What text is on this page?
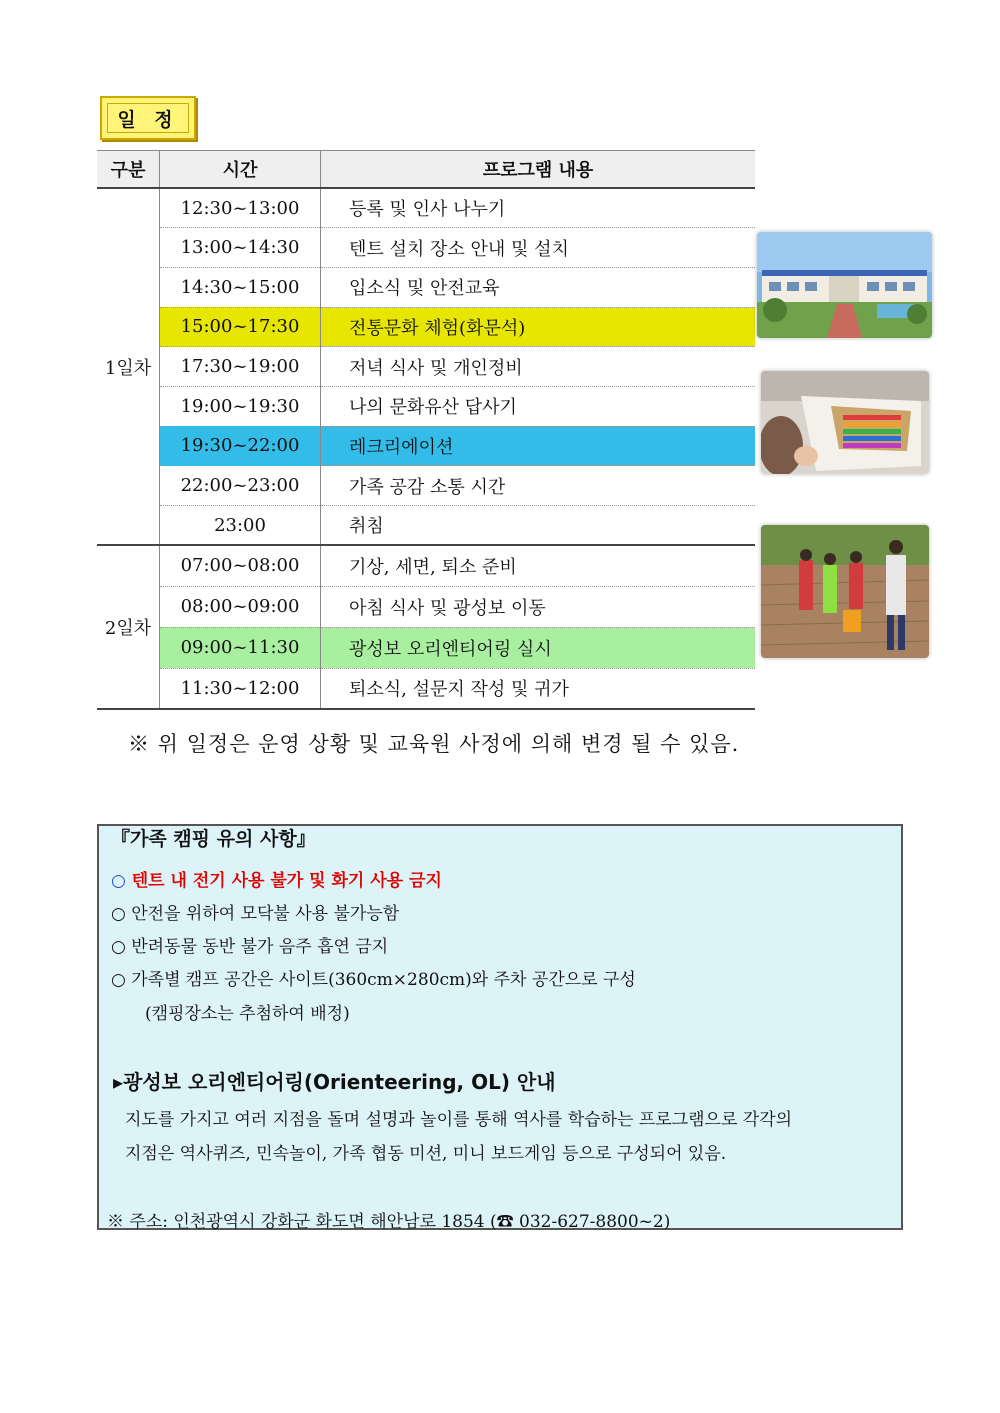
일 정
구분	시간	프로그램 내용
1일차	12:30~13:00	등록 및 인사 나누기
	13:00~14:30	텐트 설치 장소 안내 및 설치
	14:30~15:00	입소식 및 안전교육
	15:00~17:30	전통문화 체험(화문석)
	17:30~19:00	저녁 식사 및 개인정비
	19:00~19:30	나의 문화유산 답사기
	19:30~22:00	레크리에이션
	22:00~23:00	가족 공감 소통 시간
	23:00	취침
2일차	07:00~08:00	기상, 세면, 퇴소 준비
	08:00~09:00	아침 식사 및 광성보 이동
	09:00~11:30	광성보 오리엔티어링 실시
	11:30~12:00	퇴소식, 설문지 작성 및 귀가
※ 위 일정은 운영 상황 및 교육원 사정에 의해 변경 될 수 있음.
『가족 캠핑 유의 사항』
○ 텐트 내 전기 사용 불가 및 화기 사용 금지
○ 안전을 위하여 모닥불 사용 불가능함
○ 반려동물 동반 불가 음주 흡연 금지
○ 가족별 캠프 공간은 사이트(360cm×280cm)와 주차 공간으로 구성
(캠핑장소는 추첨하여 배정)
▸광성보 오리엔티어링(Orienteering, OL) 안내
지도를 가지고 여러 지점을 돌며 설명과 놀이를 통해 역사를 학습하는 프로그램으로 각각의
지점은 역사퀴즈, 민속놀이, 가족 협동 미션, 미니 보드게임 등으로 구성되어 있음.
※ 주소: 인천광역시 강화군 화도면 해안남로 1854 (☎ 032-627-8800~2)
